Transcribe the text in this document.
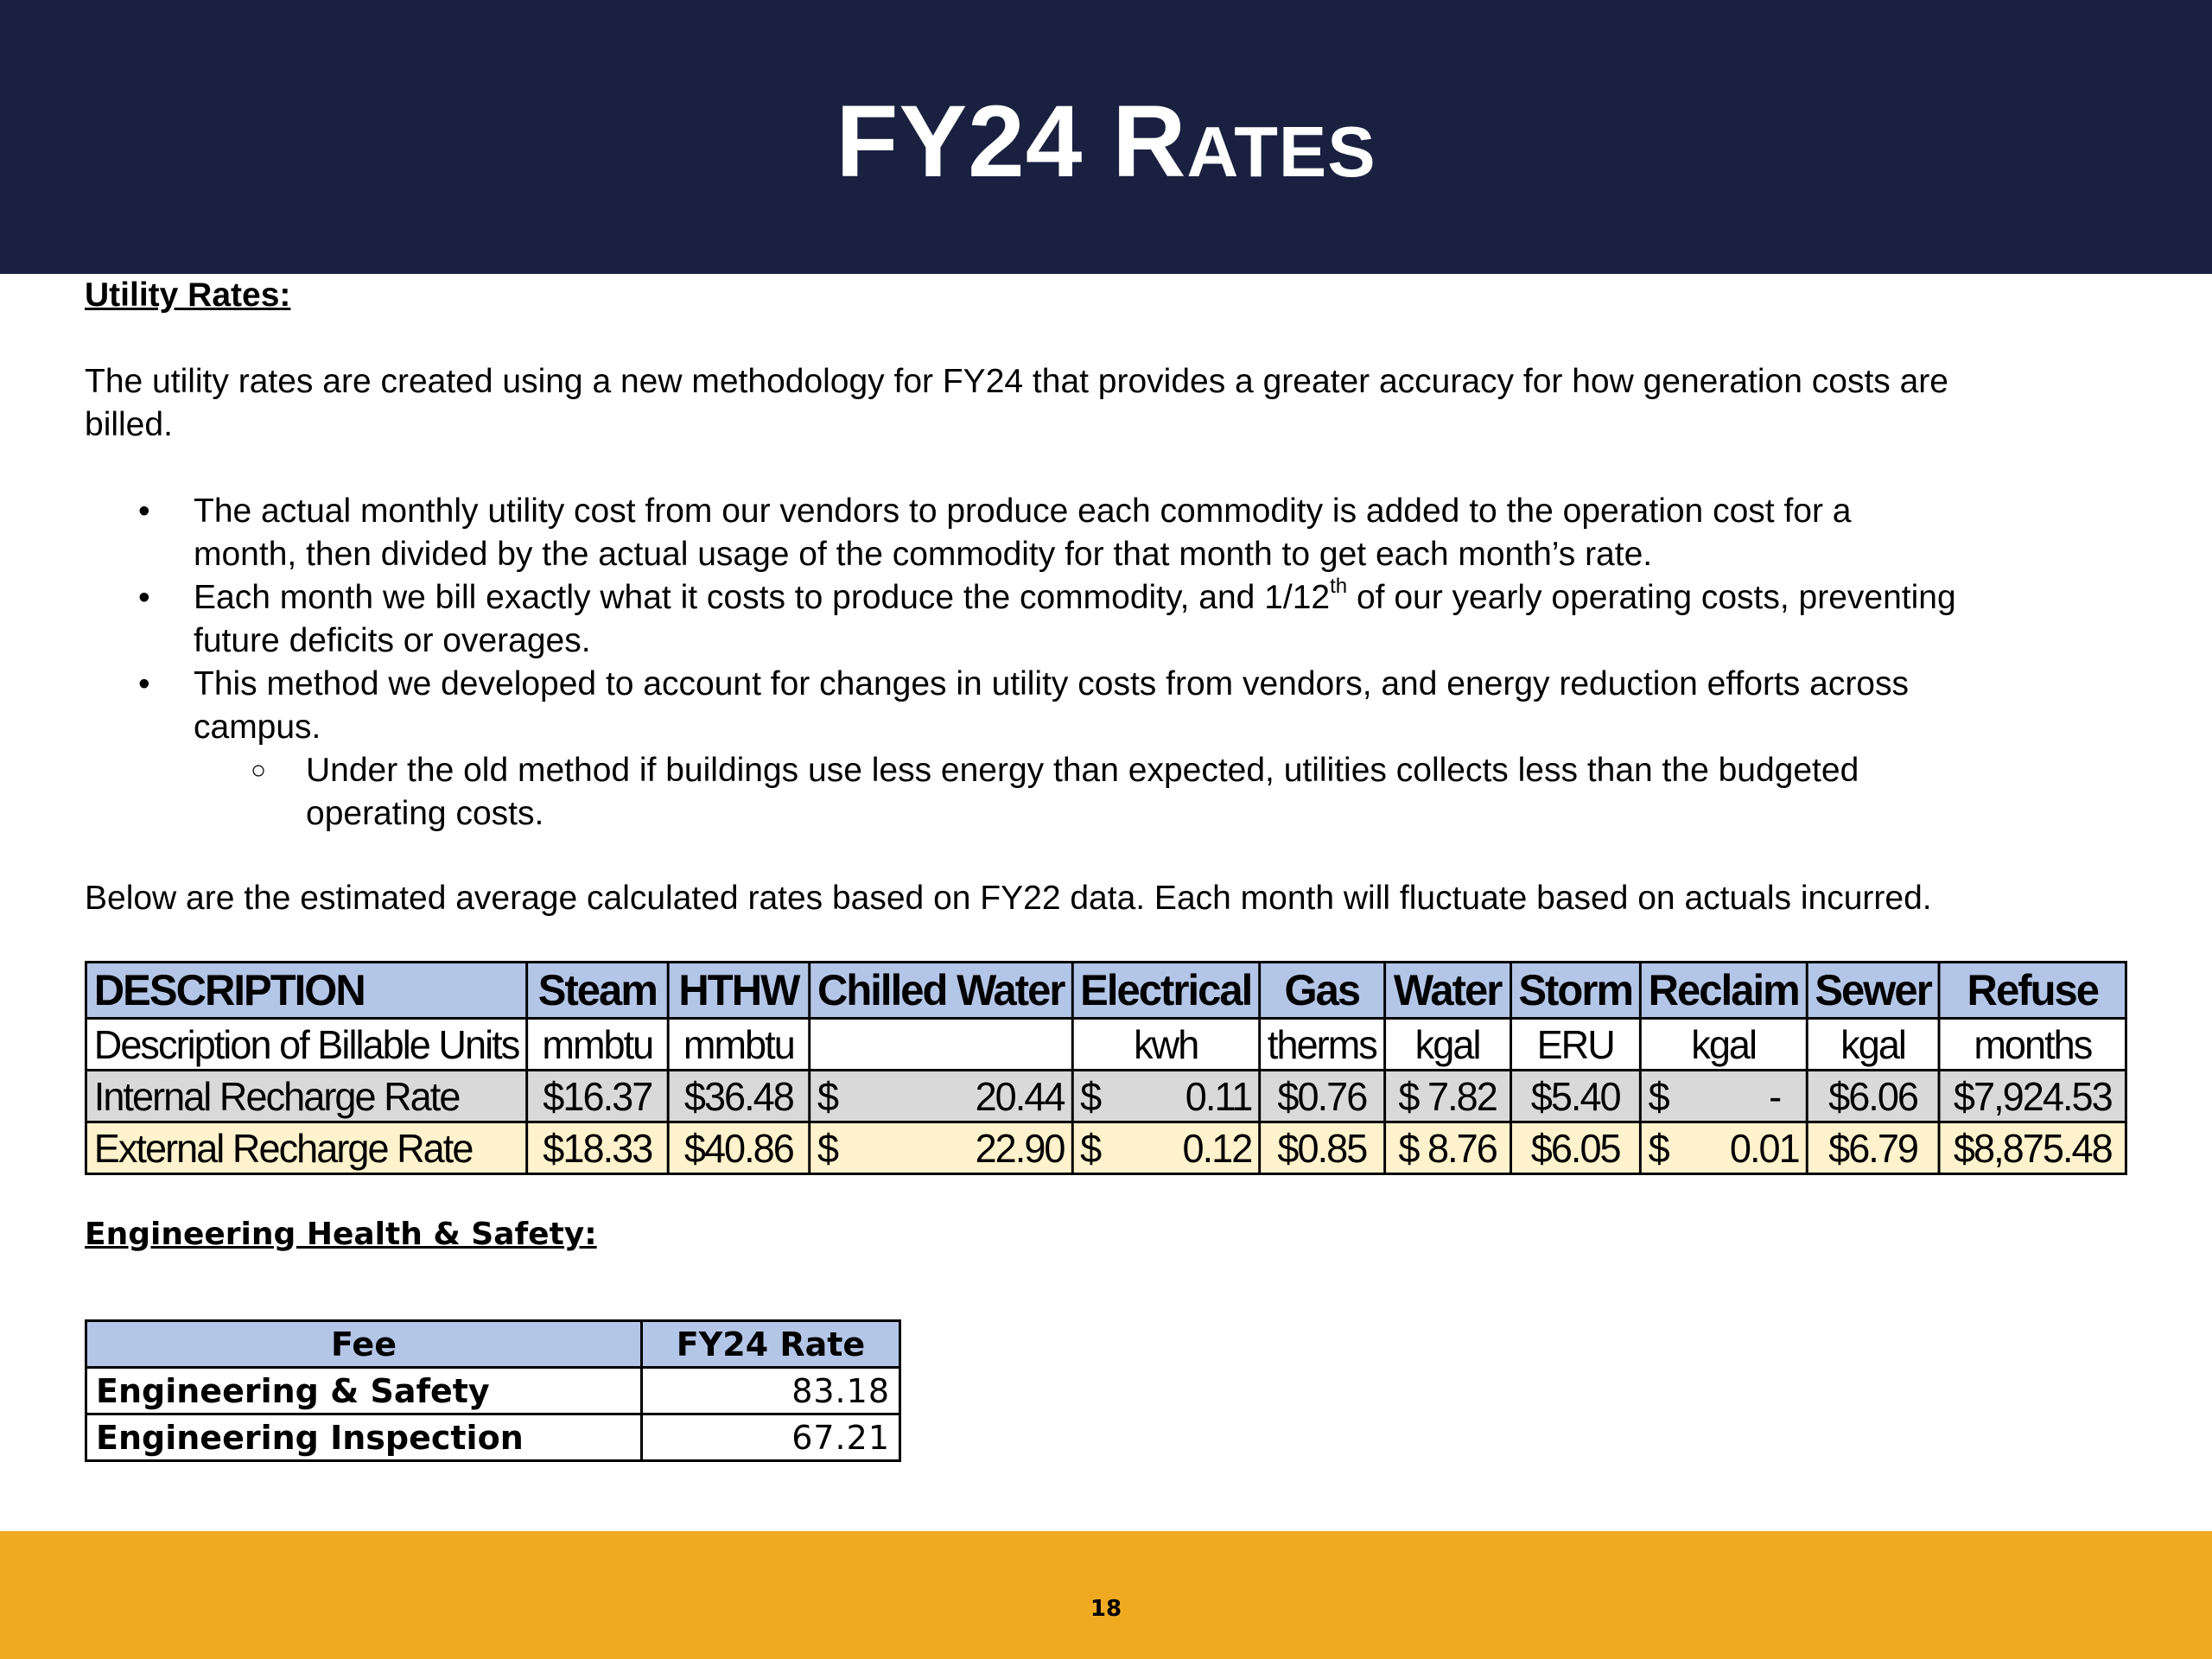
FY24 Rates
Utility Rates:
The utility rates are created using a new methodology for FY24 that provides a greater accuracy for how generation costs are
billed.
• The actual monthly utility cost from our vendors to produce each commodity is added to the operation cost for a
month, then divided by the actual usage of the commodity for that month to get each month’s rate.
• Each month we bill exactly what it costs to produce the commodity, and 1/12th of our yearly operating costs, preventing
future deficits or overages.
• This method we developed to account for changes in utility costs from vendors, and energy reduction efforts across
campus.
○ Under the old method if buildings use less energy than expected, utilities collects less than the budgeted
operating costs.
Below are the estimated average calculated rates based on FY22 data. Each month will fluctuate based on actuals incurred.
DESCRIPTION	Steam	HTHW	Chilled Water	Electrical	Gas	Water	Storm	Reclaim	Sewer	Refuse
Description of Billable Units	mmbtu	mmbtu		kwh	therms	kgal	ERU	kgal	kgal	months
Internal Recharge Rate	$16.37	$36.48	$ 20.44	$ 0.11	$0.76	$ 7.82	$5.40	$ -	$6.06	$7,924.53
External Recharge Rate	$18.33	$40.86	$ 22.90	$ 0.12	$0.85	$ 8.76	$6.05	$ 0.01	$6.79	$8,875.48
Engineering Health & Safety:
Fee	FY24 Rate
Engineering & Safety	83.18
Engineering Inspection	67.21
18
